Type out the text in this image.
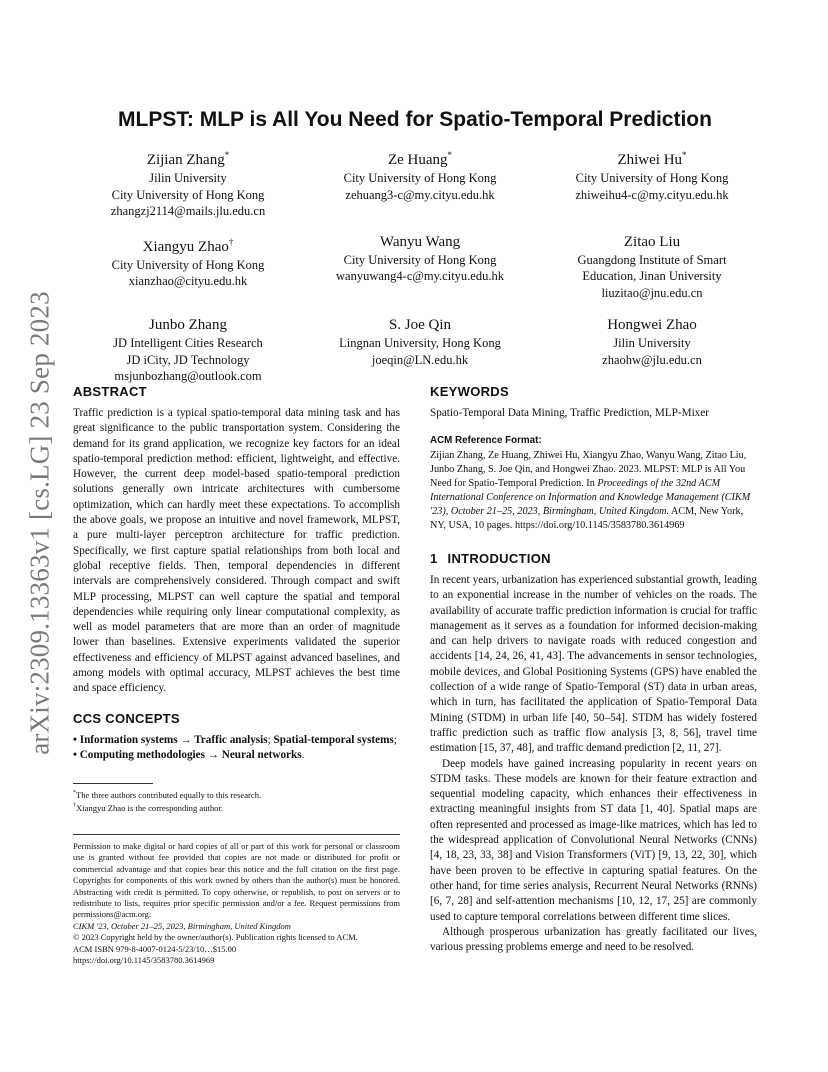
arXiv:2309.13363v1 [cs.LG] 23 Sep 2023
MLPST: MLP is All You Need for Spatio-Temporal Prediction
Zijian Zhang*
Jilin University
City University of Hong Kong
zhangzj2114@mails.jlu.edu.cn
Ze Huang*
City University of Hong Kong
zehuang3-c@my.cityu.edu.hk
Zhiwei Hu*
City University of Hong Kong
zhiweihu4-c@my.cityu.edu.hk
Xiangyu Zhao†
City University of Hong Kong
xianzhao@cityu.edu.hk
Wanyu Wang
City University of Hong Kong
wanyuwang4-c@my.cityu.edu.hk
Zitao Liu
Guangdong Institute of Smart
Education, Jinan University
liuzitao@jnu.edu.cn
Junbo Zhang
JD Intelligent Cities Research
JD iCity, JD Technology
msjunbozhang@outlook.com
S. Joe Qin
Lingnan University, Hong Kong
joeqin@LN.edu.hk
Hongwei Zhao
Jilin University
zhaohw@jlu.edu.cn
ABSTRACT

Traffic prediction is a typical spatio-temporal data mining task and has great significance to the public transportation system. Considering the demand for its grand application, we recognize key factors for an ideal spatio-temporal prediction method: efficient, lightweight, and effective. However, the current deep model-based spatio-temporal prediction solutions generally own intricate architectures with cumbersome optimization, which can hardly meet these expectations. To accomplish the above goals, we propose an intuitive and novel framework, MLPST, a pure multi-layer perceptron architecture for traffic prediction. Specifically, we first capture spatial relationships from both local and global receptive fields. Then, temporal dependencies in different intervals are comprehensively considered. Through compact and swift MLP processing, MLPST can well capture the spatial and temporal dependencies while requiring only linear computational complexity, as well as model parameters that are more than an order of magnitude lower than baselines. Extensive experiments validated the superior effectiveness and efficiency of MLPST against advanced baselines, and among models with optimal accuracy, MLPST achieves the best time and space efficiency.

CCS CONCEPTS

• Information systems → Traffic analysis; Spatial-temporal systems; • Computing methodologies → Neural networks.

*The three authors contributed equally to this research.

†Xiangyu Zhao is the corresponding author.

Permission to make digital or hard copies of all or part of this work for personal or classroom use is granted without fee provided that copies are not made or distributed for profit or commercial advantage and that copies bear this notice and the full citation on the first page. Copyrights for components of this work owned by others than the author(s) must be honored. Abstracting with credit is permitted. To copy otherwise, or republish, to post on servers or to redistribute to lists, requires prior specific permission and/or a fee. Request permissions from permissions@acm.org.

CIKM '23, October 21–25, 2023, Birmingham, United Kingdom

© 2023 Copyright held by the owner/author(s). Publication rights licensed to ACM.

ACM ISBN 979-8-4007-0124-5/23/10…$15.00

https://doi.org/10.1145/3583780.3614969

KEYWORDS

Spatio-Temporal Data Mining, Traffic Prediction, MLP-Mixer

ACM Reference Format:

Zijian Zhang, Ze Huang, Zhiwei Hu, Xiangyu Zhao, Wanyu Wang, Zitao Liu, Junbo Zhang, S. Joe Qin, and Hongwei Zhao. 2023. MLPST: MLP is All You Need for Spatio-Temporal Prediction. In Proceedings of the 32nd ACM International Conference on Information and Knowledge Management (CIKM '23), October 21–25, 2023, Birmingham, United Kingdom. ACM, New York, NY, USA, 10 pages. https://doi.org/10.1145/3583780.3614969

1 INTRODUCTION

In recent years, urbanization has experienced substantial growth, leading to an exponential increase in the number of vehicles on the roads. The availability of accurate traffic prediction information is crucial for traffic management as it serves as a foundation for informed decision-making and can help drivers to navigate roads with reduced congestion and accidents [14, 24, 26, 41, 43]. The advancements in sensor technologies, mobile devices, and Global Positioning Systems (GPS) have enabled the collection of a wide range of Spatio-Temporal (ST) data in urban areas, which in turn, has facilitated the application of Spatio-Temporal Data Mining (STDM) in urban life [40, 50–54]. STDM has widely fostered traffic prediction such as traffic flow analysis [3, 8, 56], travel time estimation [15, 37, 48], and traffic demand prediction [2, 11, 27].

Deep models have gained increasing popularity in recent years on STDM tasks. These models are known for their feature extraction and sequential modeling capacity, which enhances their effectiveness in extracting meaningful insights from ST data [1, 40]. Spatial maps are often represented and processed as image-like matrices, which has led to the widespread application of Convolutional Neural Networks (CNNs) [4, 18, 23, 33, 38] and Vision Transformers (ViT) [9, 13, 22, 30], which have been proven to be effective in capturing spatial features. On the other hand, for time series analysis, Recurrent Neural Networks (RNNs) [6, 7, 28] and self-attention mechanisms [10, 12, 17, 25] are commonly used to capture temporal correlations between different time slices.

Although prosperous urbanization has greatly facilitated our lives, various pressing problems emerge and need to be resolved.
